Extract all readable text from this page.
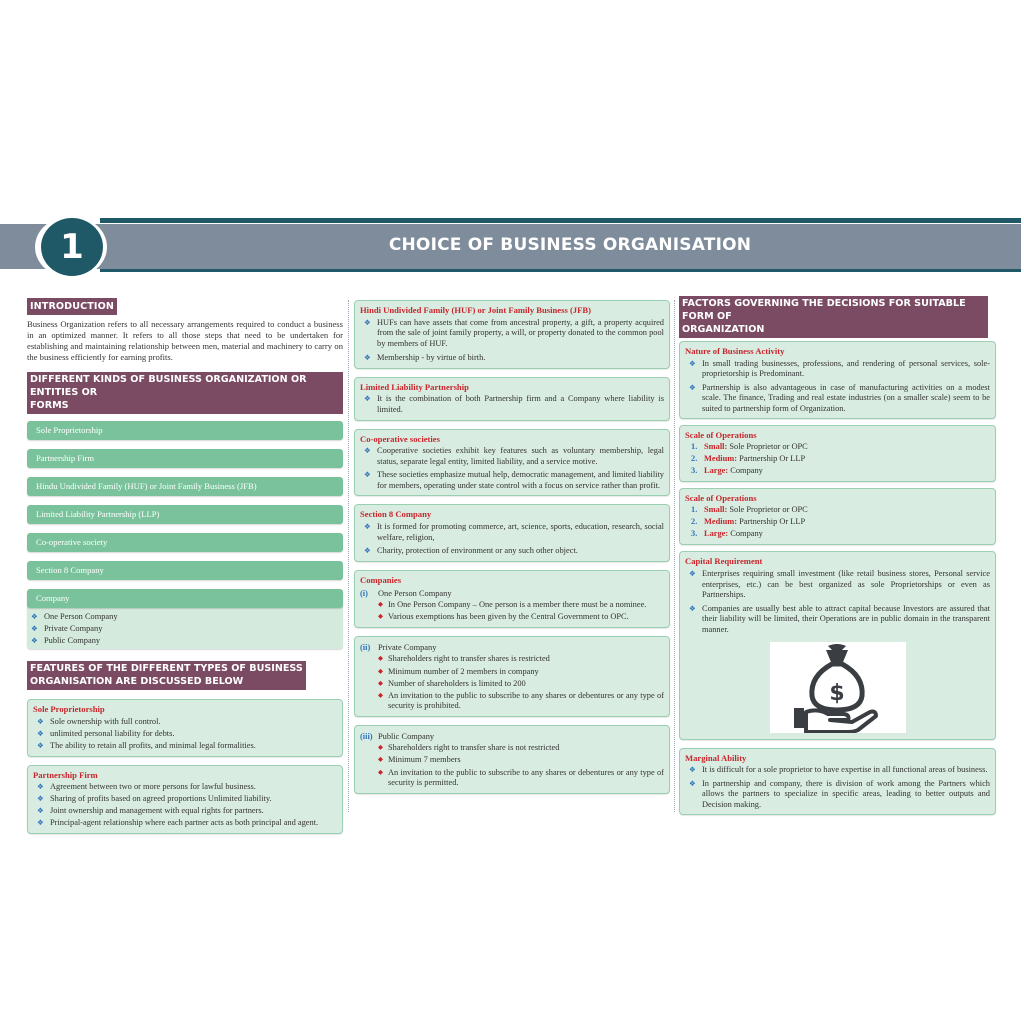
1	CHOICE OF BUSINESS ORGANISATION
INTRODUCTION

Business Organization refers to all necessary arrangements required to conduct a business in an optimized manner. It refers to all those steps that need to be undertaken for establishing and maintaining relationship between men, material and machinery to carry on the business efficiently for earning profits.

DIFFERENT KINDS OF BUSINESS ORGANIZATION OR ENTITIES OR
FORMS
Sole Proprietorship
Partnership Firm
Hindu Undivided Family (HUF) or Joint Family Business (JFB)
Limited Liability Partnership (LLP)
Co-operative society
Section 8 Company
Company
❖ One Person Company
❖ Private Company
❖ Public Company
FEATURES OF THE DIFFERENT TYPES OF BUSINESS
ORGANISATION ARE DISCUSSED BELOW
Sole Proprietorship
❖ Sole ownership with full control.
❖ unlimited personal liability for debts.
❖ The ability to retain all profits, and minimal legal formalities.
Partnership Firm
❖ Agreement between two or more persons for lawful business.
❖ Sharing of profits based on agreed proportions Unlimited liability.
❖ Joint ownership and management with equal rights for partners.
❖ Principal-agent relationship where each partner acts as both principal and agent.
Hindi Undivided Family (HUF) or Joint Family Business (JFB)
❖ HUFs can have assets that come from ancestral property, a gift, a property acquired from the sale of joint family property, a will, or property donated to the common pool by members of HUF.
❖ Membership - by virtue of birth.
Limited Liability Partnership
❖ It is the combination of both Partnership firm and a Company where liability is limited.
Co-operative societies
❖ Cooperative societies exhibit key features such as voluntary membership, legal status, separate legal entity, limited liability, and a service motive.
❖ These societies emphasize mutual help, democratic management, and limited liability for members, operating under state control with a focus on service rather than profit.
Section 8 Company
❖ It is formed for promoting commerce, art, science, sports, education, research, social welfare, religion,
❖ Charity, protection of environment or any such other object.
Companies
(i) One Person Company
◆ In One Person Company – One person is a member there must be a nominee.
◆ Various exemptions has been given by the Central Government to OPC.
(ii) Private Company
◆ Shareholders right to transfer shares is restricted
◆ Minimum number of 2 members in company
◆ Number of shareholders is limited to 200
◆ An invitation to the public to subscribe to any shares or debentures or any type of security is prohibited.
(iii) Public Company
◆ Shareholders right to transfer share is not restricted
◆ Minimum 7 members
◆ An invitation to the public to subscribe to any shares or debentures or any type of security is permitted.
FACTORS GOVERNING THE DECISIONS FOR SUITABLE FORM OF
ORGANIZATION
Nature of Business Activity
❖ In small trading businesses, professions, and rendering of personal services, sole-proprietorship is Predominant.
❖ Partnership is also advantageous in case of manufacturing activities on a modest scale. The finance, Trading and real estate industries (on a smaller scale) seem to be suited to partnership form of Organization.
Scale of Operations
1. Small: Sole Proprietor or OPC
2. Medium: Partnership Or LLP
3. Large: Company
Scale of Operations
1. Small: Sole Proprietor or OPC
2. Medium: Partnership Or LLP
3. Large: Company
Capital Requirement
❖ Enterprises requiring small investment (like retail business stores, Personal service enterprises, etc.) can be best organized as sole Proprietorships or even as Partnerships.
❖ Companies are usually best able to attract capital because Investors are assured that their liability will be limited, their Operations are in public domain in the transparent manner.
$
Marginal Ability
❖ It is difficult for a sole proprietor to have expertise in all functional areas of business.
❖ In partnership and company, there is division of work among the Partners which allows the partners to specialize in specific areas, leading to better outputs and Decision making.
